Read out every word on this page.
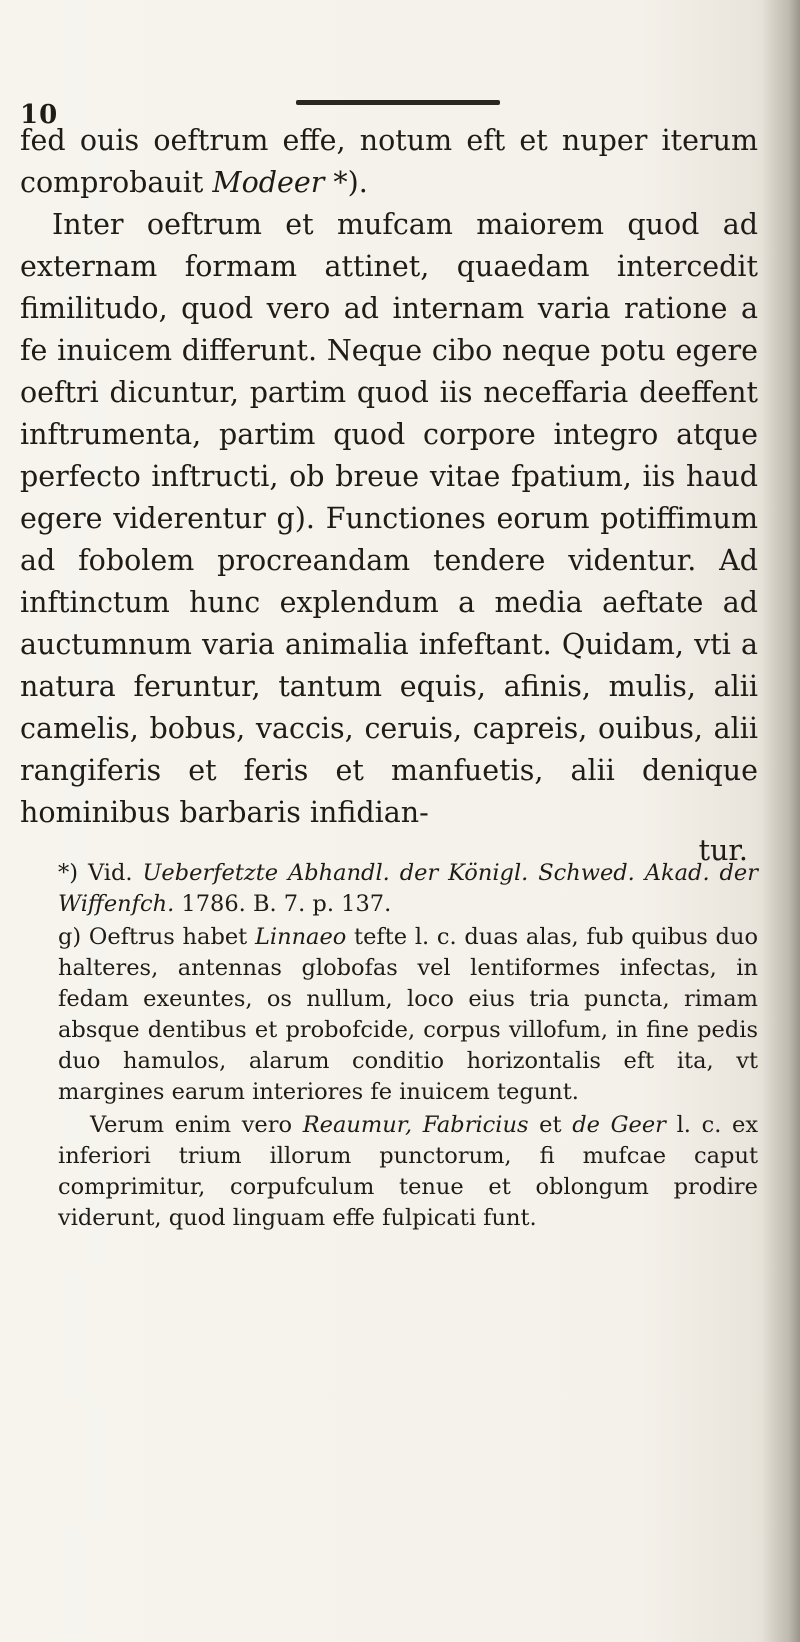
10

fed ouis oeftrum effe, notum eft et nuper iterum comprobauit Modeer *).

Inter oeftrum et mufcam maiorem quod ad externam formam attinet, quaedam intercedit fimilitudo, quod vero ad internam varia ratione a fe inuicem differunt. Neque cibo neque potu egere oeftri dicuntur, partim quod iis neceffaria deeffent inftrumenta, partim quod corpore integro atque perfecto inftructi, ob breue vitae fpatium, iis haud egere viderentur g). Functiones eorum potiffimum ad fobolem procreandam tendere videntur. Ad inftinctum hunc explendum a media aeftate ad auctumnum varia animalia infeftant. Quidam, vti a natura feruntur, tantum equis, afinis, mulis, alii camelis, bobus, vaccis, ceruis, capreis, ouibus, alii rangiferis et feris et manfuetis, alii denique hominibus barbaris infidian-

tur.

*) Vid. Ueberfetzte Abhandl. der Königl. Schwed. Akad. der Wiffenfch. 1786. B. 7. p. 137.

g) Oeftrus habet Linnaeo tefte l. c. duas alas, fub quibus duo halteres, antennas globofas vel lentiformes infectas, in fedam exeuntes, os nullum, loco eius tria puncta, rimam absque dentibus et probofcide, corpus villofum, in fine pedis duo hamulos, alarum conditio horizontalis eft ita, vt margines earum interiores fe inuicem tegunt.

Verum enim vero Reaumur, Fabricius et de Geer l. c. ex inferiori trium illorum punctorum, fi mufcae caput comprimitur, corpufculum tenue et oblongum prodire viderunt, quod linguam effe fulpicati funt.
